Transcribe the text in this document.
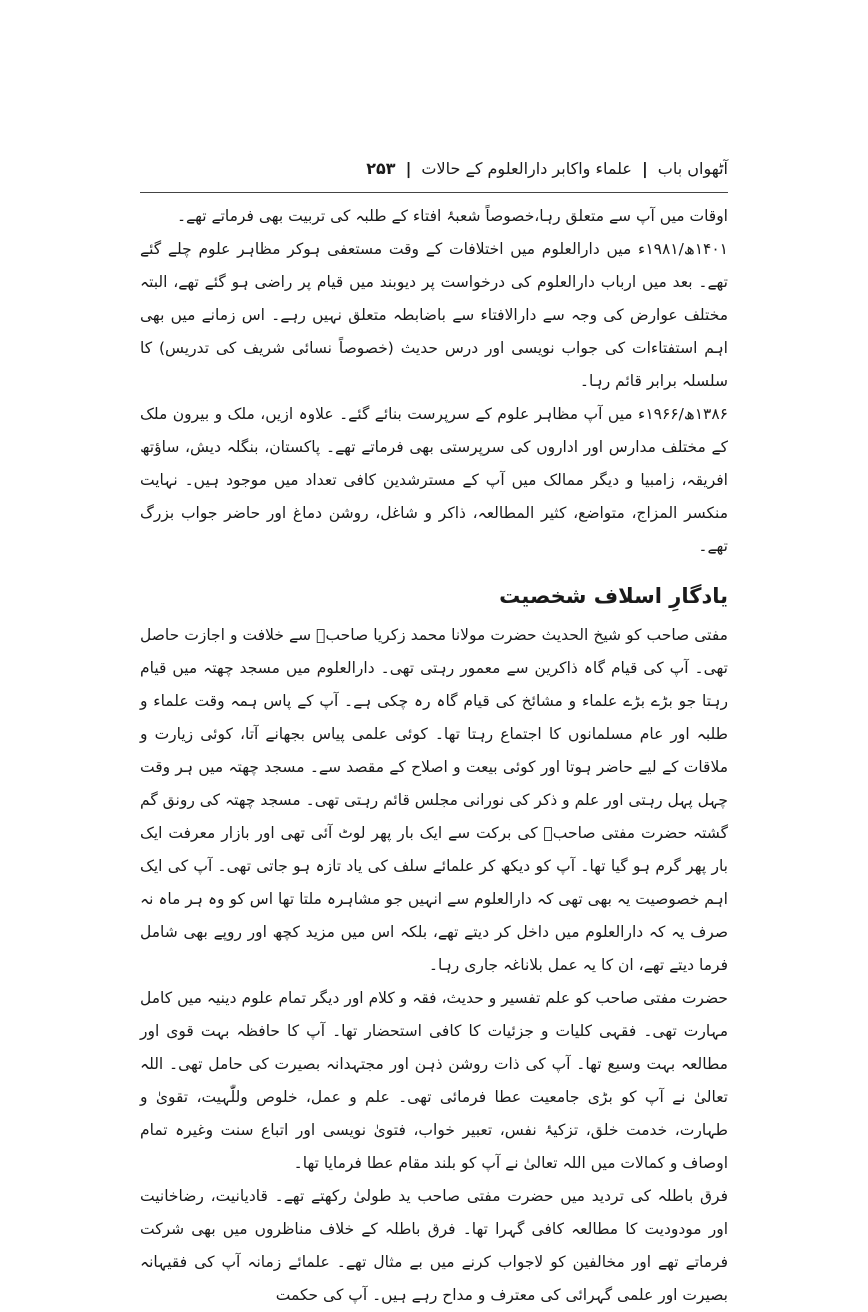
آٹھواں باب
|
علماء واکابر دارالعلوم کے حالات
|
۲۵۳

اوقات میں آپ سے متعلق رہا،خصوصاً شعبۂ افتاء کے طلبہ کی تربیت بھی فرماتے تھے۔

۱۴۰۱ھ/۱۹۸۱ء میں دارالعلوم میں اختلافات کے وقت مستعفی ہوکر مظاہر علوم چلے گئے تھے۔ بعد میں ارباب دارالعلوم کی درخواست پر دیوبند میں قیام پر راضی ہو گئے تھے، البتہ مختلف عوارض کی وجہ سے دارالافتاء سے باضابطہ متعلق نہیں رہے۔ اس زمانے میں بھی اہم استفتاءات کی جواب نویسی اور درس حدیث (خصوصاً نسائی شریف کی تدریس) کا سلسلہ برابر قائم رہا۔

۱۳۸۶ھ/۱۹۶۶ء میں آپ مظاہر علوم کے سرپرست بنائے گئے۔ علاوہ ازیں، ملک و بیرون ملک کے مختلف مدارس اور اداروں کی سرپرستی بھی فرماتے تھے۔ پاکستان، بنگلہ دیش، ساؤتھ افریقہ، زامبیا و دیگر ممالک میں آپ کے مسترشدین کافی تعداد میں موجود ہیں۔ نہایت منکسر المزاج، متواضع، کثیر المطالعہ، ذاکر و شاغل، روشن دماغ اور حاضر جواب بزرگ تھے۔

یادگارِ اسلاف شخصیت

مفتی صاحب کو شیخ الحدیث حضرت مولانا محمد زکریا صاحبؒ سے خلافت و اجازت حاصل تھی۔ آپ کی قیام گاہ ذاکرین سے معمور رہتی تھی۔ دارالعلوم میں مسجد چھتہ میں قیام رہتا جو بڑے بڑے علماء و مشائخ کی قیام گاہ رہ چکی ہے۔ آپ کے پاس ہمہ وقت علماء و طلبہ اور عام مسلمانوں کا اجتماع رہتا تھا۔ کوئی علمی پیاس بجھانے آتا، کوئی زیارت و ملاقات کے لیے حاضر ہوتا اور کوئی بیعت و اصلاح کے مقصد سے۔ مسجد چھتہ میں ہر وقت چہل پہل رہتی اور علم و ذکر کی نورانی مجلس قائم رہتی تھی۔ مسجد چھتہ کی رونق گم گشتہ حضرت مفتی صاحبؒ کی برکت سے ایک بار پھر لوٹ آئی تھی اور بازار معرفت ایک بار پھر گرم ہو گیا تھا۔ آپ کو دیکھ کر علمائے سلف کی یاد تازہ ہو جاتی تھی۔ آپ کی ایک اہم خصوصیت یہ بھی تھی کہ دارالعلوم سے انہیں جو مشاہرہ ملتا تھا اس کو وہ ہر ماہ نہ صرف یہ کہ دارالعلوم میں داخل کر دیتے تھے، بلکہ اس میں مزید کچھ اور روپے بھی شامل فرما دیتے تھے، ان کا یہ عمل بلاناغہ جاری رہا۔

حضرت مفتی صاحب کو علم تفسیر و حدیث، فقہ و کلام اور دیگر تمام علوم دینیہ میں کامل مہارت تھی۔ فقہی کلیات و جزئیات کا کافی استحضار تھا۔ آپ کا حافظہ بہت قوی اور مطالعہ بہت وسیع تھا۔ آپ کی ذات روشن ذہن اور مجتہدانہ بصیرت کی حامل تھی۔ اللہ تعالیٰ نے آپ کو بڑی جامعیت عطا فرمائی تھی۔ علم و عمل، خلوص وللّٰہیت، تقویٰ و طہارت، خدمت خلق، تزکیۂ نفس، تعبیر خواب، فتویٰ نویسی اور اتباع سنت وغیرہ تمام اوصاف و کمالات میں اللہ تعالیٰ نے آپ کو بلند مقام عطا فرمایا تھا۔

فرق باطلہ کی تردید میں حضرت مفتی صاحب ید طولیٰ رکھتے تھے۔ قادیانیت، رضاخانیت اور مودودیت کا مطالعہ کافی گہرا تھا۔ فرق باطلہ کے خلاف مناظروں میں بھی شرکت فرماتے تھے اور مخالفین کو لاجواب کرنے میں بے مثال تھے۔ علمائے زمانہ آپ کی فقیہانہ بصیرت اور علمی گہرائی کی معترف و مداح رہے ہیں۔ آپ کی حکمت
